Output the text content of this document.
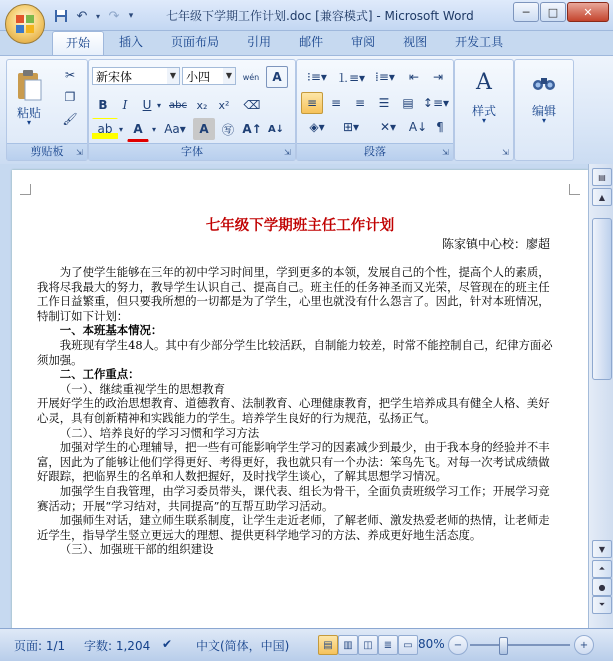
↶	▾ ↷	▾	七年级下学期工作计划.doc [兼容模式] - Microsoft Word	─	□	✕
开始	插入	页面布局	引用	邮件	审阅	视图	开发工具
粘贴
▾
✂
❐
🖌
剪贴板	⇲
新宋体	▼ 小四	▼	wén A
B	I	U ▾ abc x₂	x²	⌫
ab ▾ A	▾ Aa▾	A	㊢ A↑ A↓
字体	⇲
⁝≡▾ ⒈≡▾ ⁞≡▾	⇤	⇥
≡	≡	≡	☰	▤ ↕≡▾
◈▾	⊞▾	✕▾	A↓ ¶
段落	⇲
A
样式
▾
⇲
编辑
▾
七年级下学期班主任工作计划
陈家镇中心校：廖超

为了使学生能够在三年的初中学习时间里，学到更多的本领，发展自己的个性，提高个人的素质，我将尽我最大的努力，教导学生认识自己、提高自己。班主任的任务神圣而又光荣，尽管现在的班主任工作日益繁重，但只要我所想的一切都是为了学生，心里也就没有什么怨言了。因此，针对本班情况，特制订如下计划：

一、本班基本情况：

我班现有学生48人。其中有少部分学生比较活跃，自制能力较差，时常不能控制自己，纪律方面必须加强。

二、工作重点：

（一）、继续重视学生的思想教育

开展好学生的政治思想教育、道德教育、法制教育、心理健康教育，把学生培养成具有健全人格、美好心灵，具有创新精神和实践能力的学生。培养学生良好的行为规范，弘扬正气。

（二）、培养良好的学习习惯和学习方法

加强对学生的心理辅导，把一些有可能影响学生学习的因素减少到最少，由于我本身的经验并不丰富，因此为了能够让他们学得更好、考得更好，我也就只有一个办法：笨鸟先飞。对每一次考试成绩做好跟踪，把临界生的名单和人数把握好，及时找学生谈心，了解其思想学习情况。

加强学生自我管理，由学习委员带头，课代表、组长为骨干，全面负责班级学习工作；开展学习竞赛活动；开展“学习结对，共同提高”的互帮互助学习活动。

加强师生对话，建立师生联系制度，让学生走近老师，了解老师、激发热爱老师的热情，让老师走近学生，指导学生竖立更远大的理想、提供更科学地学习的方法、养成更好地生活态度。

（三）、加强班干部的组织建设

▤
▲
▼
⏶
●
⏷
页面: 1/1 字数: 1,204 ✔ 中文(简体，中国)	▤	▥	◫	≣	▭ 80% −	+
